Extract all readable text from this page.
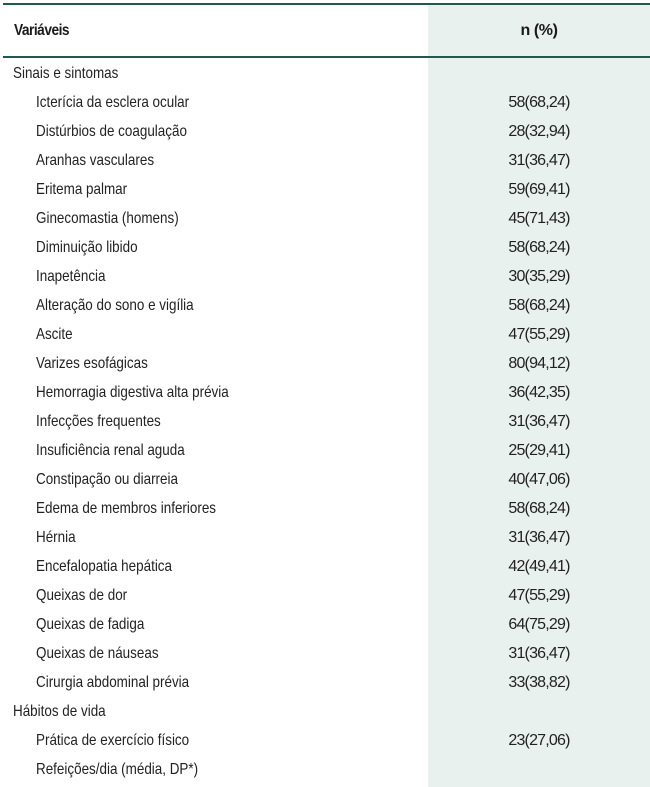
Variáveis	n (%)
Sinais e sintomas
Icterícia da esclera ocular	58(68,24)
Distúrbios de coagulação	28(32,94)
Aranhas vasculares	31(36,47)
Eritema palmar	59(69,41)
Ginecomastia (homens)	45(71,43)
Diminuição libido	58(68,24)
Inapetência	30(35,29)
Alteração do sono e vigília	58(68,24)
Ascite	47(55,29)
Varizes esofágicas	80(94,12)
Hemorragia digestiva alta prévia	36(42,35)
Infecções frequentes	31(36,47)
Insuficiência renal aguda	25(29,41)
Constipação ou diarreia	40(47,06)
Edema de membros inferiores	58(68,24)
Hérnia	31(36,47)
Encefalopatia hepática	42(49,41)
Queixas de dor	47(55,29)
Queixas de fadiga	64(75,29)
Queixas de náuseas	31(36,47)
Cirurgia abdominal prévia	33(38,82)
Hábitos de vida
Prática de exercício físico	23(27,06)
Refeições/dia (média, DP*)
